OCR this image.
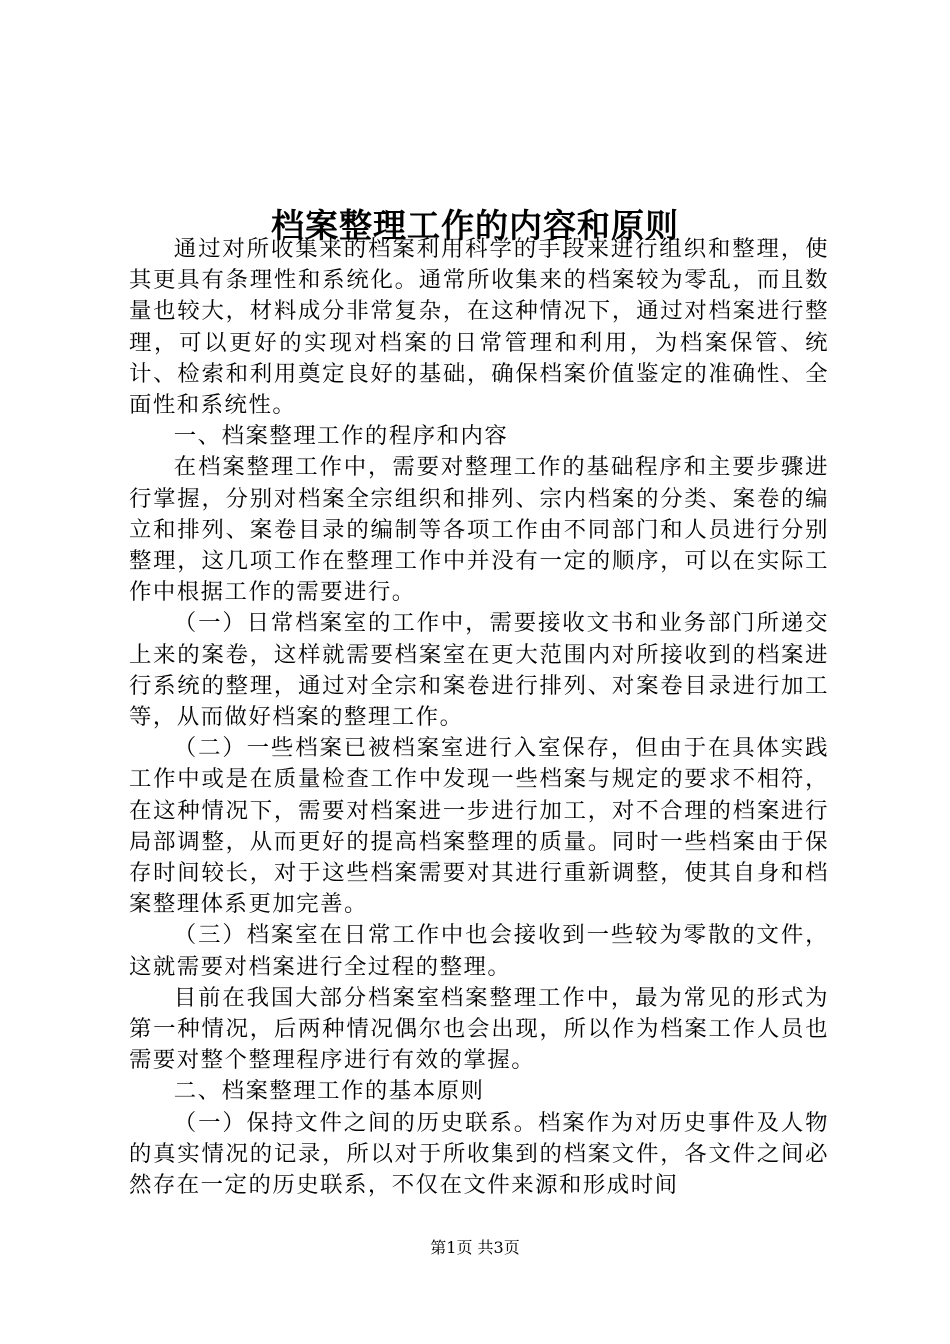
档案整理工作的内容和原则

通过对所收集来的档案利用科学的手段来进行组织和整理，使其更具有条理性和系统化。通常所收集来的档案较为零乱，而且数量也较大，材料成分非常复杂，在这种情况下，通过对档案进行整理，可以更好的实现对档案的日常管理和利用，为档案保管、统计、检索和利用奠定良好的基础，确保档案价值鉴定的准确性、全面性和系统性。

一、档案整理工作的程序和内容

在档案整理工作中，需要对整理工作的基础程序和主要步骤进行掌握，分别对档案全宗组织和排列、宗内档案的分类、案卷的编立和排列、案卷目录的编制等各项工作由不同部门和人员进行分别整理，这几项工作在整理工作中并没有一定的顺序，可以在实际工作中根据工作的需要进行。

（一）日常档案室的工作中，需要接收文书和业务部门所递交上来的案卷，这样就需要档案室在更大范围内对所接收到的档案进行系统的整理，通过对全宗和案卷进行排列、对案卷目录进行加工等，从而做好档案的整理工作。

（二）一些档案已被档案室进行入室保存，但由于在具体实践工作中或是在质量检查工作中发现一些档案与规定的要求不相符，在这种情况下，需要对档案进一步进行加工，对不合理的档案进行局部调整，从而更好的提高档案整理的质量。同时一些档案由于保存时间较长，对于这些档案需要对其进行重新调整，使其自身和档案整理体系更加完善。

（三）档案室在日常工作中也会接收到一些较为零散的文件，这就需要对档案进行全过程的整理。

目前在我国大部分档案室档案整理工作中，最为常见的形式为第一种情况，后两种情况偶尔也会出现，所以作为档案工作人员也需要对整个整理程序进行有效的掌握。

二、档案整理工作的基本原则

（一）保持文件之间的历史联系。档案作为对历史事件及人物的真实情况的记录，所以对于所收集到的档案文件，各文件之间必然存在一定的历史联系，不仅在文件来源和形成时间

第1页 共3页
